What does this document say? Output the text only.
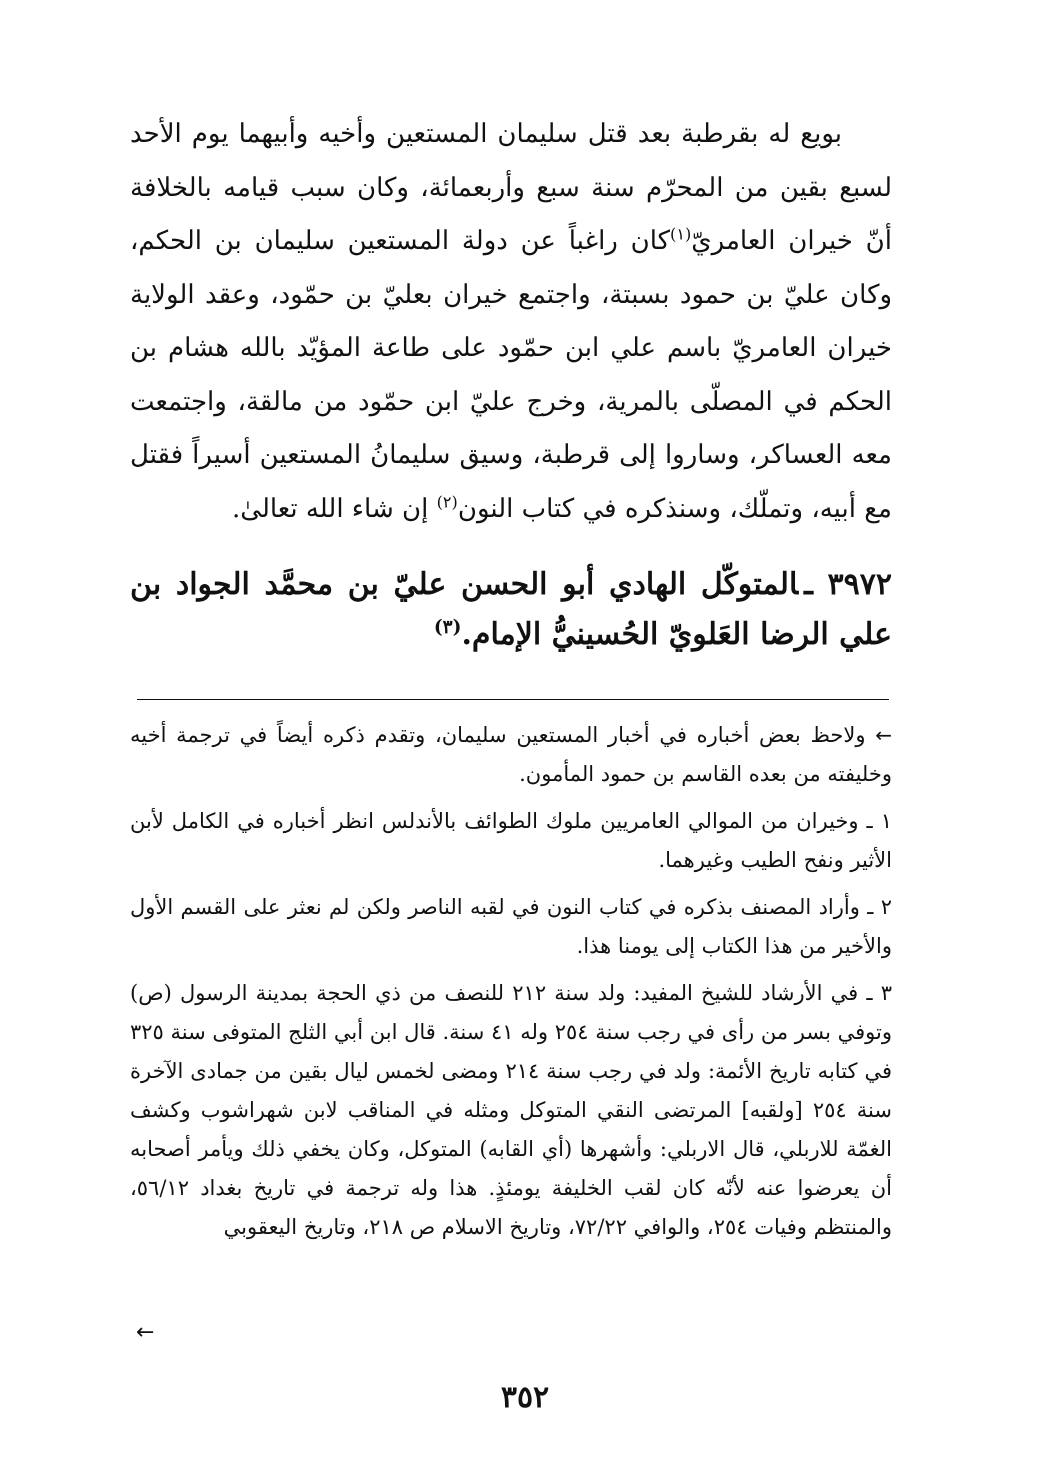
بويع له بقرطبة بعد قتل سليمان المستعين وأخيه وأبيهما يوم الأحد لسبع بقين من المحرّم سنة سبع وأربعمائة، وكان سبب قيامه بالخلافة أنّ خيران العامريّ$^{(١)}$كان راغباً عن دولة المستعين سليمان بن الحكم، وكان عليّ بن حمود بسبتة، واجتمع خيران بعليّ بن حمّود، وعقد الولاية خيران العامريّ باسم علي ابن حمّود على طاعة المؤيّد بالله هشام بن الحكم في المصلّى بالمرية، وخرج عليّ ابن حمّود من مالقة، واجتمعت معه العساكر، وساروا إلى قرطبة، وسيق سليمانُ المستعين أسيراً فقتل مع أبيه، وتملّك، وسنذكره في كتاب النون$^{(٢)}$ إن شاء الله تعالىٰ.

٣٩٧٢ ـالمتوكّل الهادي أبو الحسن عليّ بن محمَّد الجواد بن علي الرضا العَلويّ الحُسينيُّ الإمام.$^{(٣)}$

← ولاحظ بعض أخباره في أخبار المستعين سليمان، وتقدم ذكره أيضاً في ترجمة أخيه وخليفته من بعده القاسم بن حمود المأمون.

١ ـ وخيران من الموالي العامريين ملوك الطوائف بالأندلس انظر أخباره في الكامل لأبن الأثير ونفح الطيب وغيرهما.

٢ ـ وأراد المصنف بذكره في كتاب النون في لقبه الناصر ولكن لم نعثر على القسم الأول والأخير من هذا الكتاب إلى يومنا هذا.

٣ ـ في الأرشاد للشيخ المفيد: ولد سنة ٢١٢ للنصف من ذي الحجة بمدينة الرسول (ص) وتوفي بسر من رأى في رجب سنة ٢٥٤ وله ٤١ سنة. قال ابن أبي الثلج المتوفى سنة ٣٢٥ في كتابه تاريخ الأئمة: ولد في رجب سنة ٢١٤ ومضى لخمس ليال بقين من جمادى الآخرة سنة ٢٥٤ [ولقبه] المرتضى النقي المتوكل ومثله في المناقب لابن شهراشوب وكشف الغمّة للاربلي، قال الاربلي: وأشهرها (أي القابه) المتوكل، وكان يخفي ذلك ويأمر أصحابه أن يعرضوا عنه لأنّه كان لقب الخليفة يومئذٍ. هذا وله ترجمة في تاريخ بغداد ٥٦/١٢، والمنتظم وفيات ٢٥٤، والوافي ٧٢/٢٢، وتاريخ الاسلام ص ٢١٨، وتاريخ اليعقوبي

←
٣٥٢
